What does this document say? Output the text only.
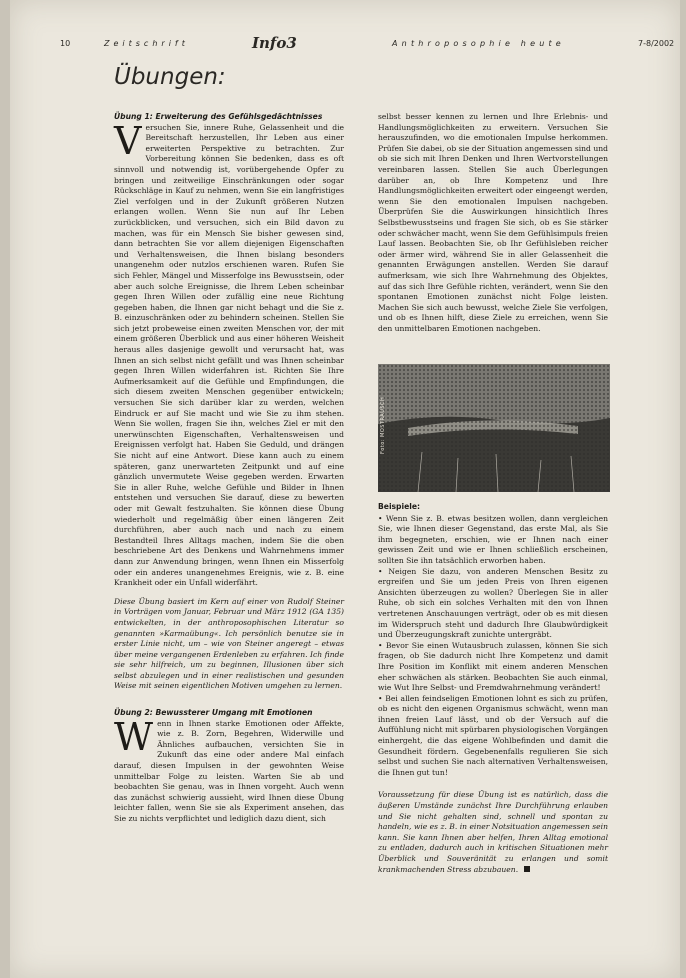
10	Zeitschrift	Info3	Anthroposophie heute	7-8/2002
Übungen:

Übung 1: Erweiterung des Gefühlsgedächtnisses

Versuchen Sie, innere Ruhe, Gelassenheit und die Bereitschaft herzustellen, Ihr Leben aus einer erweiterten Perspektive zu betrachten. Zur Vorbereitung können Sie bedenken, dass es oft sinnvoll und notwendig ist, vorübergehende Opfer zu bringen und zeitweilige Einschränkungen oder sogar Rückschläge in Kauf zu nehmen, wenn Sie ein langfristiges Ziel verfolgen und in der Zukunft größeren Nutzen erlangen wollen. Wenn Sie nun auf Ihr Leben zurückblicken, und versuchen, sich ein Bild davon zu machen, was für ein Mensch Sie bisher gewesen sind, dann betrachten Sie vor allem diejenigen Eigenschaften und Verhaltensweisen, die Ihnen bislang besonders unangenehm oder nutzlos erschienen waren. Rufen Sie sich Fehler, Mängel und Misserfolge ins Bewusstsein, oder aber auch solche Ereignisse, die Ihrem Leben scheinbar gegen Ihren Willen oder zufällig eine neue Richtung gegeben haben, die Ihnen gar nicht behagt und die Sie z. B. einzuschränken oder zu behindern scheinen. Stellen Sie sich jetzt probeweise einen zweiten Menschen vor, der mit einem größeren Überblick und aus einer höheren Weisheit heraus alles dasjenige gewollt und verursacht hat, was Ihnen an sich selbst nicht gefällt und was Ihnen scheinbar gegen Ihren Willen widerfahren ist. Richten Sie Ihre Aufmerksamkeit auf die Gefühle und Empfindungen, die sich diesem zweiten Menschen gegenüber entwickeln; versuchen Sie sich darüber klar zu werden, welchen Eindruck er auf Sie macht und wie Sie zu ihm stehen. Wenn Sie wollen, fragen Sie ihn, welches Ziel er mit den unerwünschten Eigenschaften, Verhaltensweisen und Ereignissen verfolgt hat. Haben Sie Geduld, und drängen Sie nicht auf eine Antwort. Diese kann auch zu einem späteren, ganz unerwarteten Zeitpunkt und auf eine gänzlich unvermutete Weise gegeben werden. Erwarten Sie in aller Ruhe, welche Gefühle und Bilder in Ihnen entstehen und versuchen Sie darauf, diese zu bewerten oder mit Gewalt festzuhalten. Sie können diese Übung wiederholt und regelmäßig über einen längeren Zeit durchführen, aber auch nach und nach zu einem Bestandteil Ihres Alltags machen, indem Sie die oben beschriebene Art des Denkens und Wahrnehmens immer dann zur Anwendung bringen, wenn Ihnen ein Misserfolg oder ein anderes unangenehmes Ereignis, wie z. B. eine Krankheit oder ein Unfall widerfährt.

Diese Übung basiert im Kern auf einer von Rudolf Steiner in Vorträgen vom Januar, Februar und März 1912 (GA 135) entwickelten, in der anthroposophischen Literatur so genannten »Karmaübung«. Ich persönlich benutze sie in erster Linie nicht, um – wie von Steiner angeregt – etwas über meine vergangenen Erdenleben zu erfahren. Ich finde sie sehr hilfreich, um zu beginnen, Illusionen über sich selbst abzulegen und in einer realistischen und gesunden Weise mit seinen eigentlichen Motiven umgehen zu lernen.

Übung 2: Bewussterer Umgang mit Emotionen

Wenn in Ihnen starke Emotionen oder Affekte, wie z. B. Zorn, Begehren, Widerwille und Ähnliches aufbauchen, versichten Sie in Zukunft das eine oder andere Mal einfach darauf, diesen Impulsen in der gewohnten Weise unmittelbar Folge zu leisten. Warten Sie ab und beobachten Sie genau, was in Ihnen vorgeht. Auch wenn das zunächst schwierig aussieht, wird Ihnen diese Übung leichter fallen, wenn Sie sie als Experiment ansehen, das Sie zu nichts verpflichtet und lediglich dazu dient, sich

selbst besser kennen zu lernen und Ihre Erlebnis- und Handlungsmöglichkeiten zu erweitern. Versuchen Sie herauszufinden, wo die emotionalen Impulse herkommen. Prüfen Sie dabei, ob sie der Situation angemessen sind und ob sie sich mit Ihren Denken und Ihren Wertvorstellungen vereinbaren lassen. Stellen Sie auch Überlegungen darüber an, ob Ihre Kompetenz und Ihre Handlungsmöglichkeiten erweitert oder eingeengt werden, wenn Sie den emotionalen Impulsen nachgeben. Überprüfen Sie die Auswirkungen hinsichtlich Ihres Selbstbewusstseins und fragen Sie sich, ob es Sie stärker oder schwächer macht, wenn Sie dem Gefühlsimpuls freien Lauf lassen. Beobachten Sie, ob Ihr Gefühlsleben reicher oder ärmer wird, während Sie in aller Gelassenheit die genannten Erwägungen anstellen. Werden Sie darauf aufmerksam, wie sich Ihre Wahrnehmung des Objektes, auf das sich Ihre Gefühle richten, verändert, wenn Sie den spontanen Emotionen zunächst nicht Folge leisten. Machen Sie sich auch bewusst, welche Ziele Sie verfolgen, und ob es Ihnen hilft, diese Ziele zu erreichen, wenn Sie den unmittelbaren Emotionen nachgeben.

Foto: MOSTRAUSCH

Beispiele:

• Wenn Sie z. B. etwas besitzen wollen, dann vergleichen Sie, wie Ihnen dieser Gegenstand, das erste Mal, als Sie ihm begegneten, erschien, wie er Ihnen nach einer gewissen Zeit und wie er Ihnen schließlich erscheinen, sollten Sie ihn tatsächlich erworben haben.

• Neigen Sie dazu, von anderen Menschen Besitz zu ergreifen und Sie um jeden Preis von Ihren eigenen Ansichten überzeugen zu wollen? Überlegen Sie in aller Ruhe, ob sich ein solches Verhalten mit den von Ihnen vertretenen Anschauungen verträgt, oder ob es mit diesen im Widerspruch steht und dadurch Ihre Glaubwürdigkeit und Überzeugungskraft zunichte untergräbt.

• Bevor Sie einen Wutausbruch zulassen, können Sie sich fragen, ob Sie dadurch nicht Ihre Kompetenz und damit Ihre Position im Konflikt mit einem anderen Menschen eher schwächen als stärken. Beobachten Sie auch einmal, wie Wut Ihre Selbst- und Fremdwahrnehmung verändert!

• Bei allen feindseligen Emotionen lohnt es sich zu prüfen, ob es nicht den eigenen Organismus schwächt, wenn man ihnen freien Lauf lässt, und ob der Versuch auf die Auffühlung nicht mit spürbaren physiologischen Vorgängen einhergeht, die das eigene Wohlbefinden und damit die Gesundheit fördern. Gegebenenfalls regulieren Sie sich selbst und suchen Sie nach alternativen Verhaltensweisen, die Ihnen gut tun!

Voraussetzung für diese Übung ist es natürlich, dass die äußeren Umstände zunächst Ihre Durchführung erlauben und Sie nicht gehalten sind, schnell und spontan zu handeln, wie es z. B. in einer Notsituation angemessen sein kann. Sie kann Ihnen aber helfen, Ihren Alltag emotional zu entladen, dadurch auch in kritischen Situationen mehr Überblick und Souveränität zu erlangen und somit krankmachenden Stress abzubauen.
